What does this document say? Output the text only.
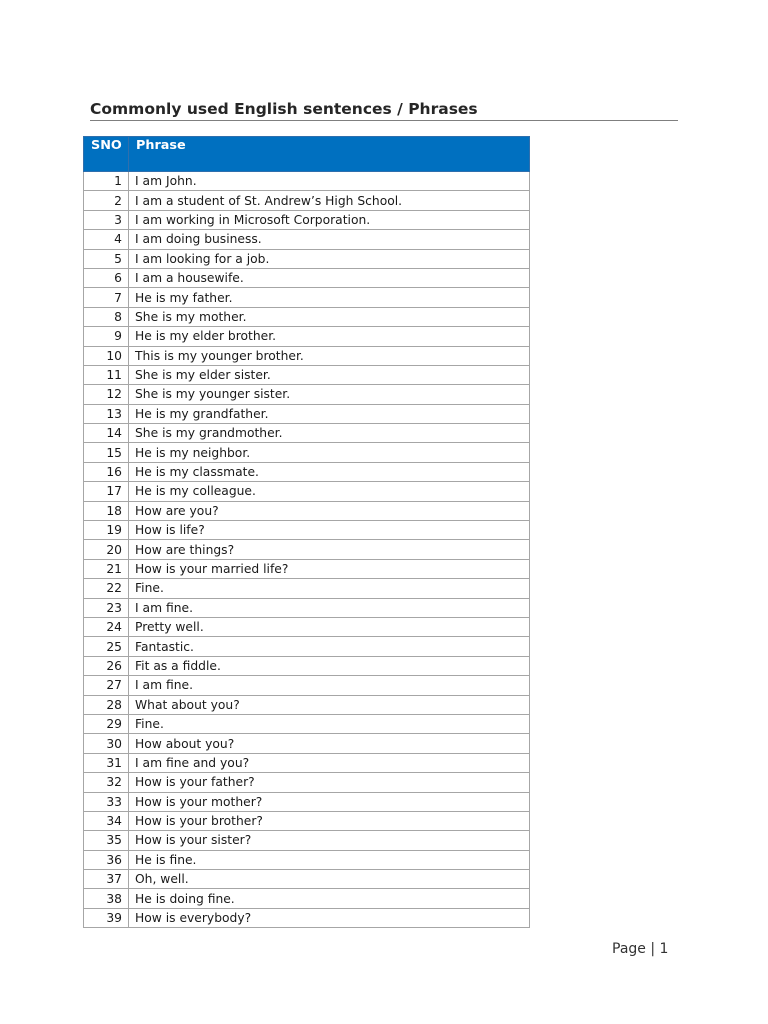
Commonly used English sentences / Phrases
SNO	Phrase
1	I am John.
2	I am a student of St. Andrew’s High School.
3	I am working in Microsoft Corporation.
4	I am doing business.
5	I am looking for a job.
6	I am a housewife.
7	He is my father.
8	She is my mother.
9	He is my elder brother.
10	This is my younger brother.
11	She is my elder sister.
12	She is my younger sister.
13	He is my grandfather.
14	She is my grandmother.
15	He is my neighbor.
16	He is my classmate.
17	He is my colleague.
18	How are you?
19	How is life?
20	How are things?
21	How is your married life?
22	Fine.
23	I am fine.
24	Pretty well.
25	Fantastic.
26	Fit as a fiddle.
27	I am fine.
28	What about you?
29	Fine.
30	How about you?
31	I am fine and you?
32	How is your father?
33	How is your mother?
34	How is your brother?
35	How is your sister?
36	He is fine.
37	Oh, well.
38	He is doing fine.
39	How is everybody?
Page | 1
